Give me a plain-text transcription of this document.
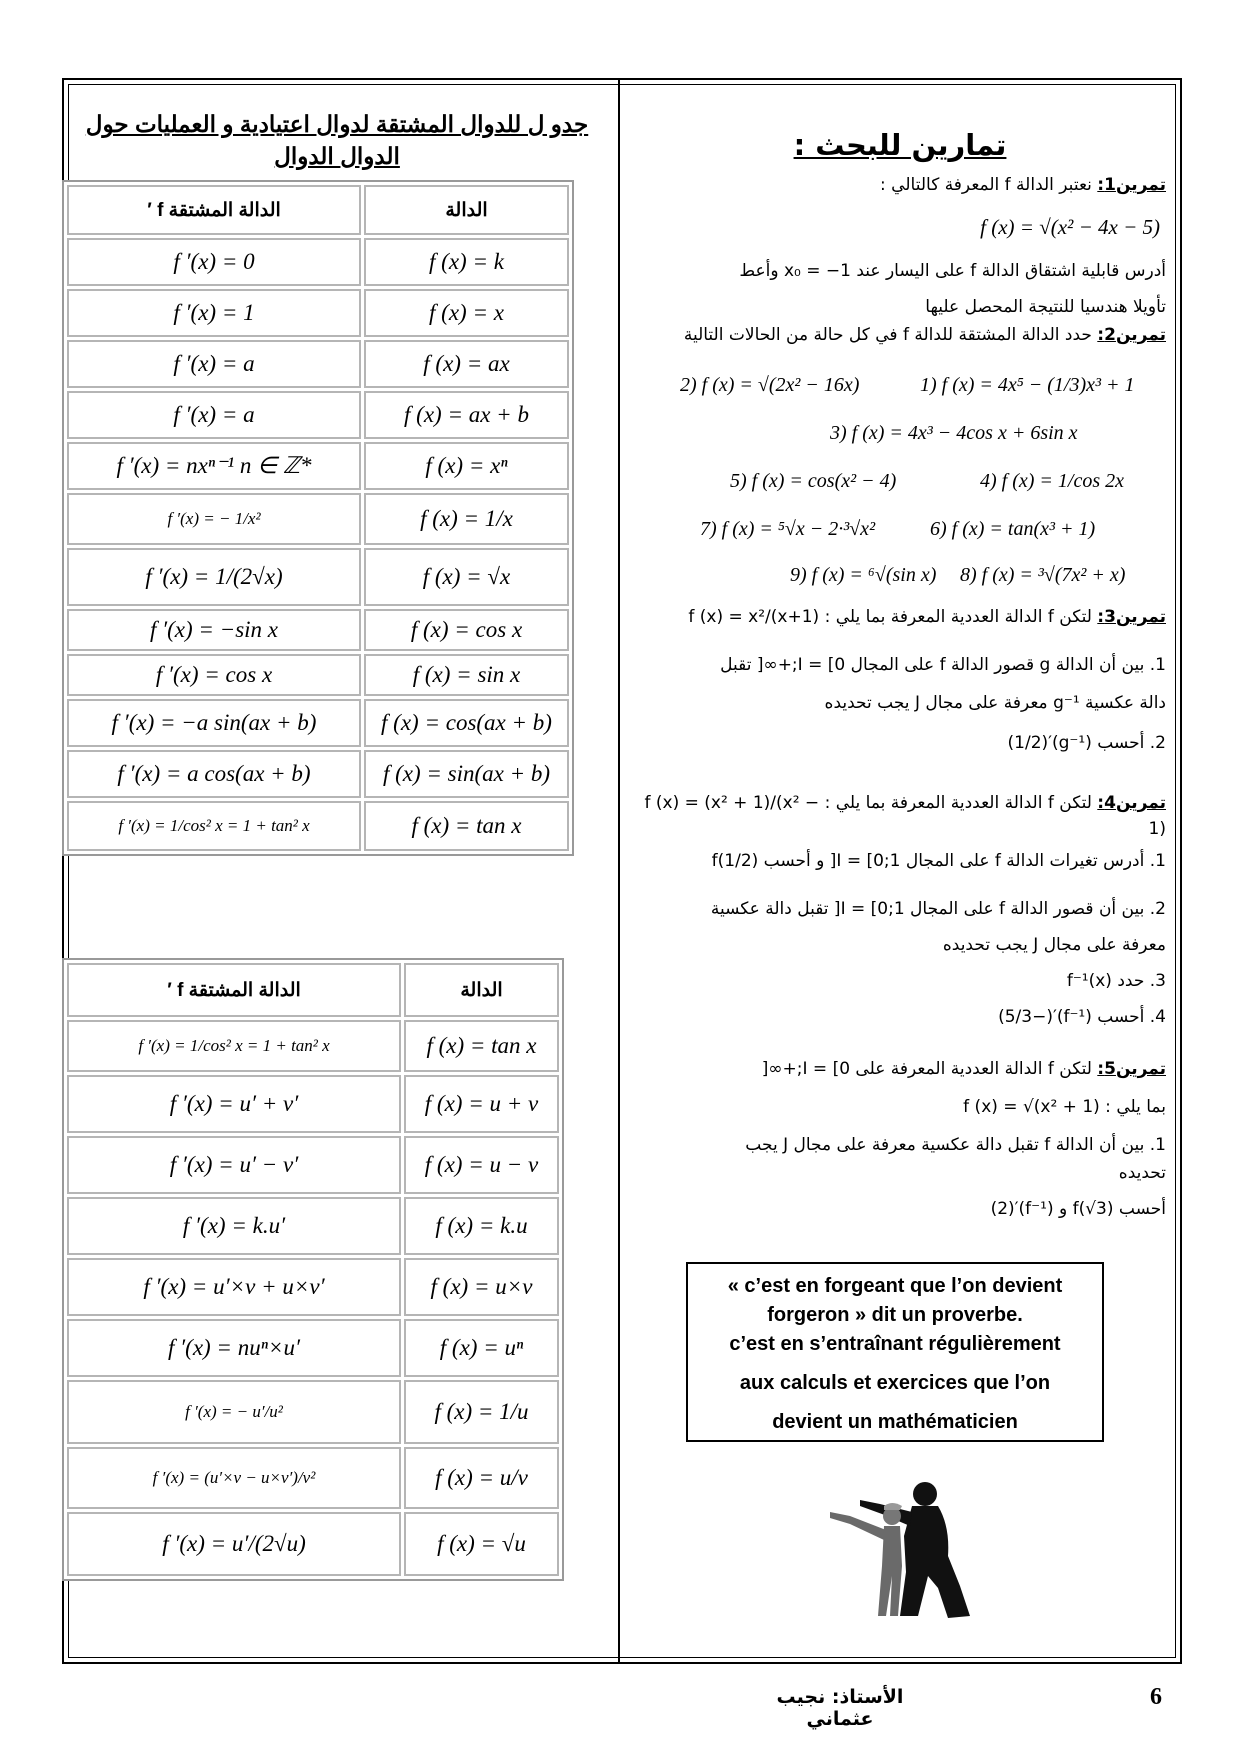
جدو ل للدوال المشتقة لدوال اعتيادية و العمليات حول
الدوال الدوال
الدالة المشتقة f ′	الدالة
f ′(x) = 0	f (x) = k
f ′(x) = 1	f (x) = x
f ′(x) = a	f (x) = ax
f ′(x) = a	f (x) = ax + b
f ′(x) = nxⁿ⁻¹ n ∈ ℤ*	f (x) = xⁿ
f ′(x) = − 1/x²	f (x) = 1/x
f ′(x) = 1/(2√x)	f (x) = √x
f ′(x) = −sin x	f (x) = cos x
f ′(x) = cos x	f (x) = sin x
f ′(x) = −a sin(ax + b)	f (x) = cos(ax + b)
f ′(x) = a cos(ax + b)	f (x) = sin(ax + b)
f ′(x) = 1/cos² x = 1 + tan² x	f (x) = tan x
الدالة المشتقة f ′	الدالة
f ′(x) = 1/cos² x = 1 + tan² x	f (x) = tan x
f ′(x) = u′ + v′	f (x) = u + v
f ′(x) = u′ − v′	f (x) = u − v
f ′(x) = k.u′	f (x) = k.u
f ′(x) = u′×v + u×v′	f (x) = u×v
f ′(x) = nuⁿ×u′	f (x) = uⁿ
f ′(x) = − u′/u²	f (x) = 1/u
f ′(x) = (u′×v − u×v′)/v²	f (x) = u/v
f ′(x) = u′/(2√u)	f (x) = √u
تمارين للبحث :
تمرين1: نعتبر الدالة f المعرفة كالتالي :
f (x) = √(x² − 4x − 5)
أدرس قابلية اشتقاق الدالة f على اليسار عند x₀ = −1 وأعط
تأويلا هندسيا للنتيجة المحصل عليها
تمرين2: حدد الدالة المشتقة للدالة f في كل حالة من الحالات التالية
1) f (x) = 4x⁵ − (1/3)x³ + 1
2) f (x) = √(2x² − 16x)
3) f (x) = 4x³ − 4cos x + 6sin x
4) f (x) = 1/cos 2x
5) f (x) = cos(x² − 4)
6) f (x) = tan(x³ + 1)
7) f (x) = ⁵√x − 2·³√x²
8) f (x) = ³√(7x² + x)
9) f (x) = ⁶√(sin x)
تمرين3: لتكن f الدالة العددية المعرفة بما يلي : f (x) = x²/(x+1)
1. بين أن الدالة g قصور الدالة f على المجال I = [0;+∞[ تقبل
دالة عكسية g⁻¹ معرفة على مجال J يجب تحديده
2. أحسب (g⁻¹)′(1/2)
تمرين4: لتكن f الدالة العددية المعرفة بما يلي : f (x) = (x² + 1)/(x² − 1)
1. أدرس تغيرات الدالة f على المجال I = [0;1[ و أحسب f(1/2)
2. بين أن قصور الدالة f على المجال I = [0;1[ تقبل دالة عكسية
معرفة على مجال J يجب تحديده
3. حدد f⁻¹(x)
4. أحسب (f⁻¹)′(−5/3)
تمرين5: لتكن f الدالة العددية المعرفة على I = [0;+∞[
بما يلي : f (x) = √(x² + 1)
1. بين أن الدالة f تقبل دالة عكسية معرفة على مجال J يجب
تحديده
أحسب f(√3) و (f⁻¹)′(2)
« c’est en forgeant que l’on devient
forgeron » dit un proverbe.
c’est en s’entraînant régulièrement
aux calculs et exercices que l’on
devient un mathématicien
الأستاذ: نجيب عثماني
6
